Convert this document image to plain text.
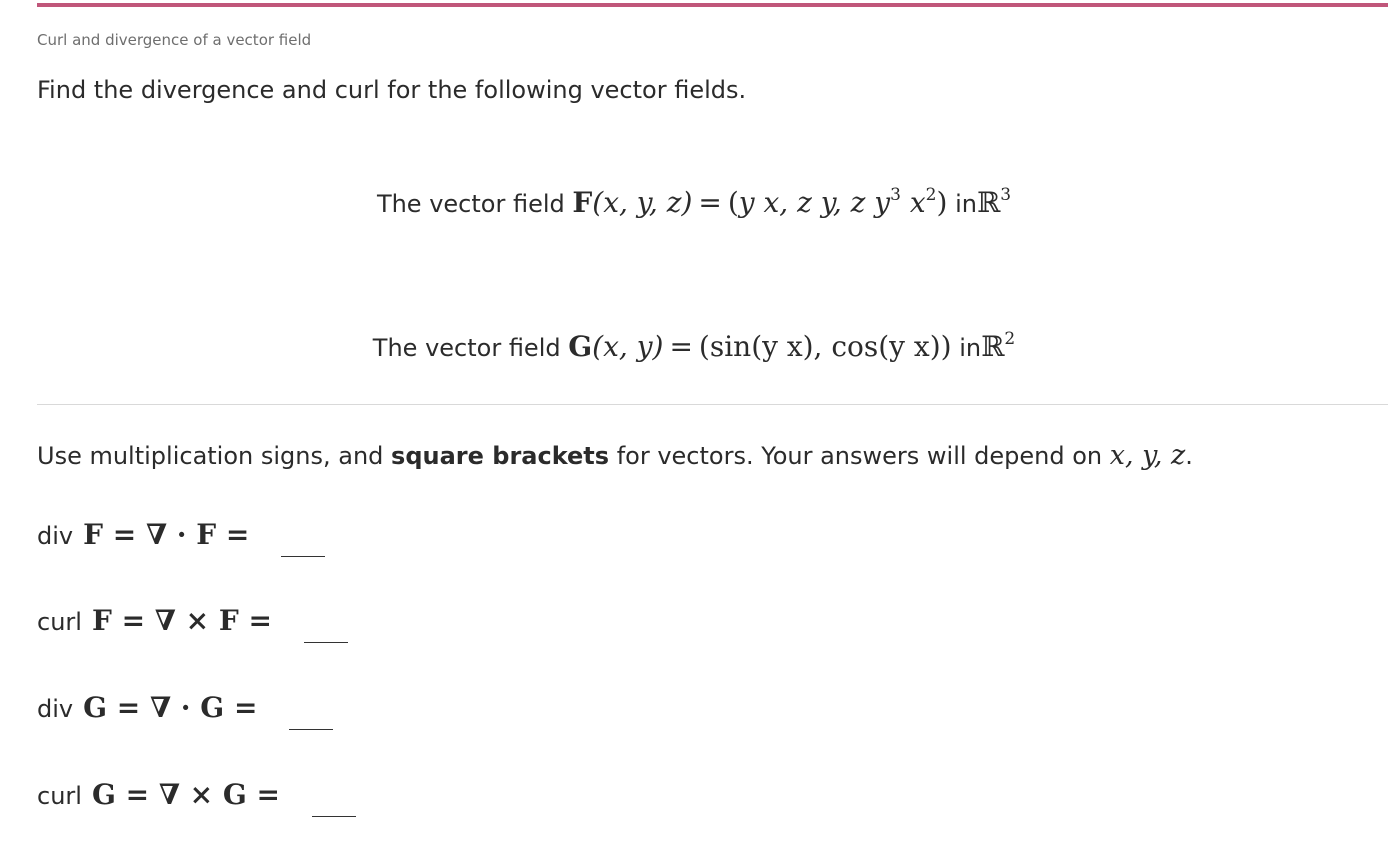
Curl and divergence of a vector field
Find the divergence and curl for the following vector fields.
The vector field F(x, y, z) = (y x, z y, z $y^3$ $x^2$) inℝ$^3$
The vector field G(x, y) = (sin(y x), cos(y x)) inℝ$^2$
Use multiplication signs, and square brackets for vectors. Your answers will depend on x, y, z.
div F = ∇ · F =
curl F = ∇ × F =
div G = ∇ · G =
curl G = ∇ × G =
